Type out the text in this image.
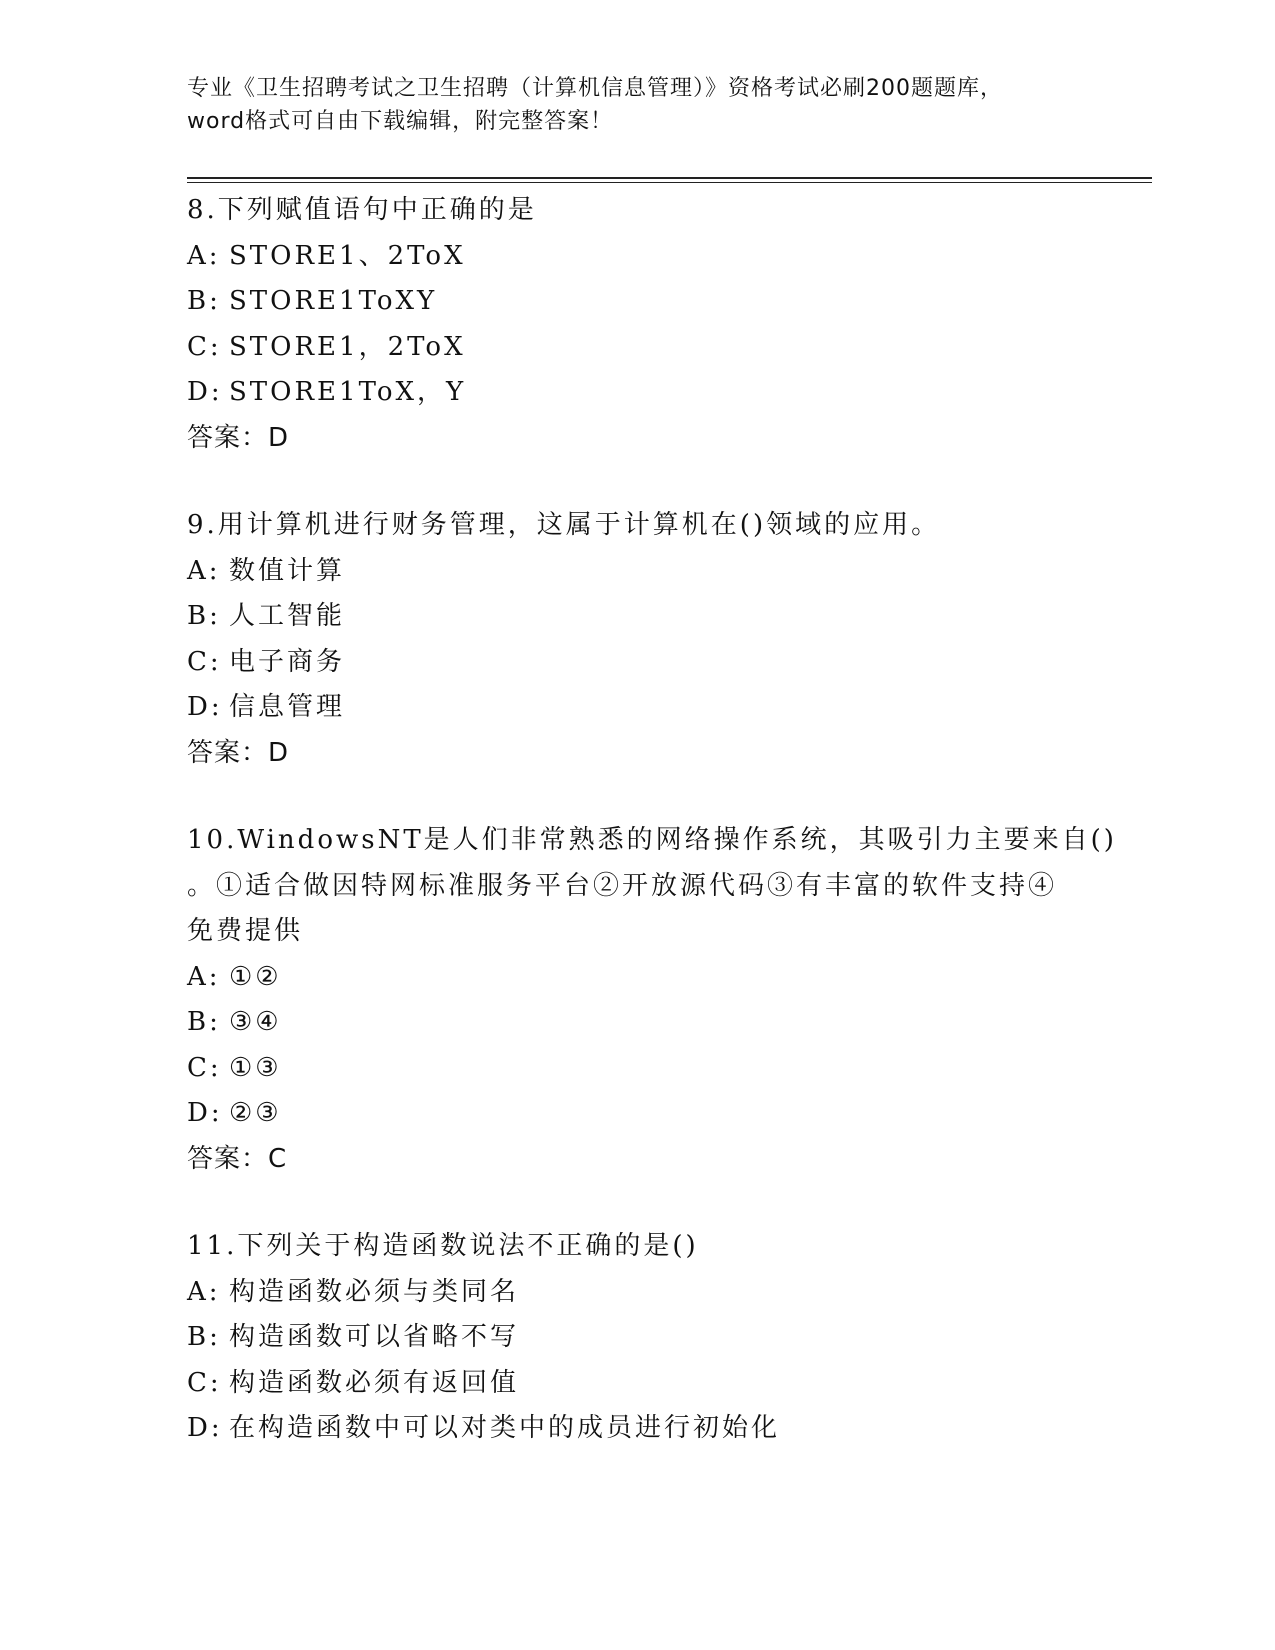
专业《卫生招聘考试之卫生招聘（计算机信息管理）》资格考试必刷200题题库，
word格式可自由下载编辑，附完整答案！
8.下列赋值语句中正确的是
A: STORE1、2ToX
B: STORE1ToXY
C: STORE1，2ToX
D: STORE1ToX，Y
答案：D
9.用计算机进行财务管理，这属于计算机在()领域的应用。
A: 数值计算
B: 人工智能
C: 电子商务
D: 信息管理
答案：D
10.WindowsNT是人们非常熟悉的网络操作系统，其吸引力主要来自()
。①适合做因特网标准服务平台②开放源代码③有丰富的软件支持④
免费提供
A: ①②
B: ③④
C: ①③
D: ②③
答案：C
11.下列关于构造函数说法不正确的是()
A: 构造函数必须与类同名
B: 构造函数可以省略不写
C: 构造函数必须有返回值
D: 在构造函数中可以对类中的成员进行初始化
